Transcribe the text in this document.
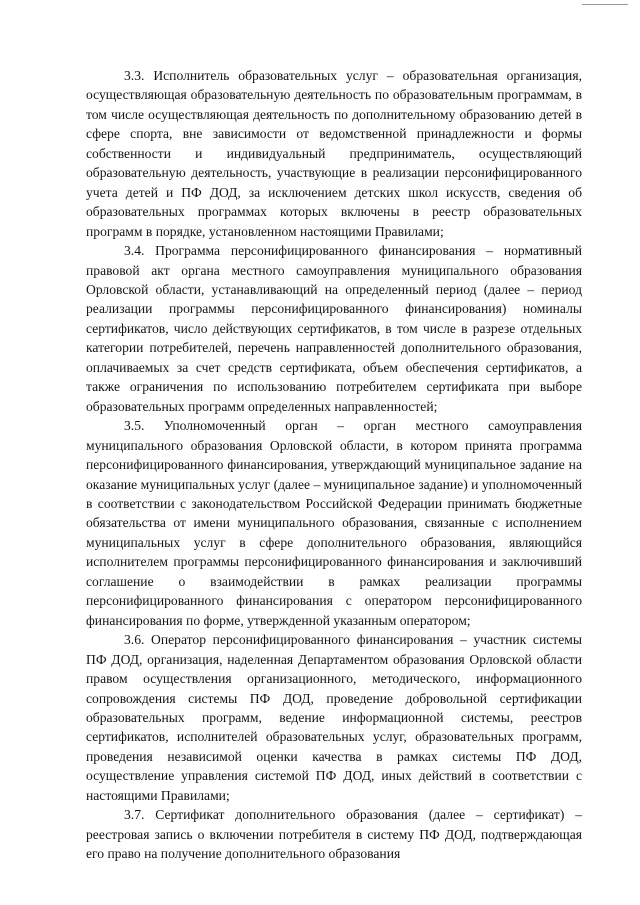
3.3. Исполнитель образовательных услуг – образовательная организация, осуществляющая образовательную деятельность по образовательным программам, в том числе осуществляющая деятельность по дополнительному образованию детей в сфере спорта, вне зависимости от ведомственной принадлежности и формы собственности и индивидуальный предприниматель, осуществляющий образовательную деятельность, участвующие в реализации персонифицированного учета детей и ПФ ДОД, за исключением детских школ искусств, сведения об образовательных программах которых включены в реестр образовательных программ в порядке, установленном настоящими Правилами;

3.4. Программа персонифицированного финансирования – нормативный правовой акт органа местного самоуправления муниципального образования Орловской области, устанавливающий на определенный период (далее – период реализации программы персонифицированного финансирования) номиналы сертификатов, число действующих сертификатов, в том числе в разрезе отдельных категории потребителей, перечень направленностей дополнительного образования, оплачиваемых за счет средств сертификата, объем обеспечения сертификатов, а также ограничения по использованию потребителем сертификата при выборе образовательных программ определенных направленностей;

3.5. Уполномоченный орган – орган местного самоуправления муниципального образования Орловской области, в котором принята программа персонифицированного финансирования, утверждающий муниципальное задание на оказание муниципальных услуг (далее – муниципальное задание) и уполномоченный в соответствии с законодательством Российской Федерации принимать бюджетные обязательства от имени муниципального образования, связанные с исполнением муниципальных услуг в сфере дополнительного образования, являющийся исполнителем программы персонифицированного финансирования и заключивший соглашение о взаимодействии в рамках реализации программы персонифицированного финансирования с оператором персонифицированного финансирования по форме, утвержденной указанным оператором;

3.6. Оператор персонифицированного финансирования – участник системы ПФ ДОД, организация, наделенная Департаментом образования Орловской области правом осуществления организационного, методического, информационного сопровождения системы ПФ ДОД, проведение добровольной сертификации образовательных программ, ведение информационной системы, реестров сертификатов, исполнителей образовательных услуг, образовательных программ, проведения независимой оценки качества в рамках системы ПФ ДОД, осуществление управления системой ПФ ДОД, иных действий в соответствии с настоящими Правилами;

3.7. Сертификат дополнительного образования (далее – сертификат) – реестровая запись о включении потребителя в систему ПФ ДОД, подтверждающая его право на получение дополнительного образования
